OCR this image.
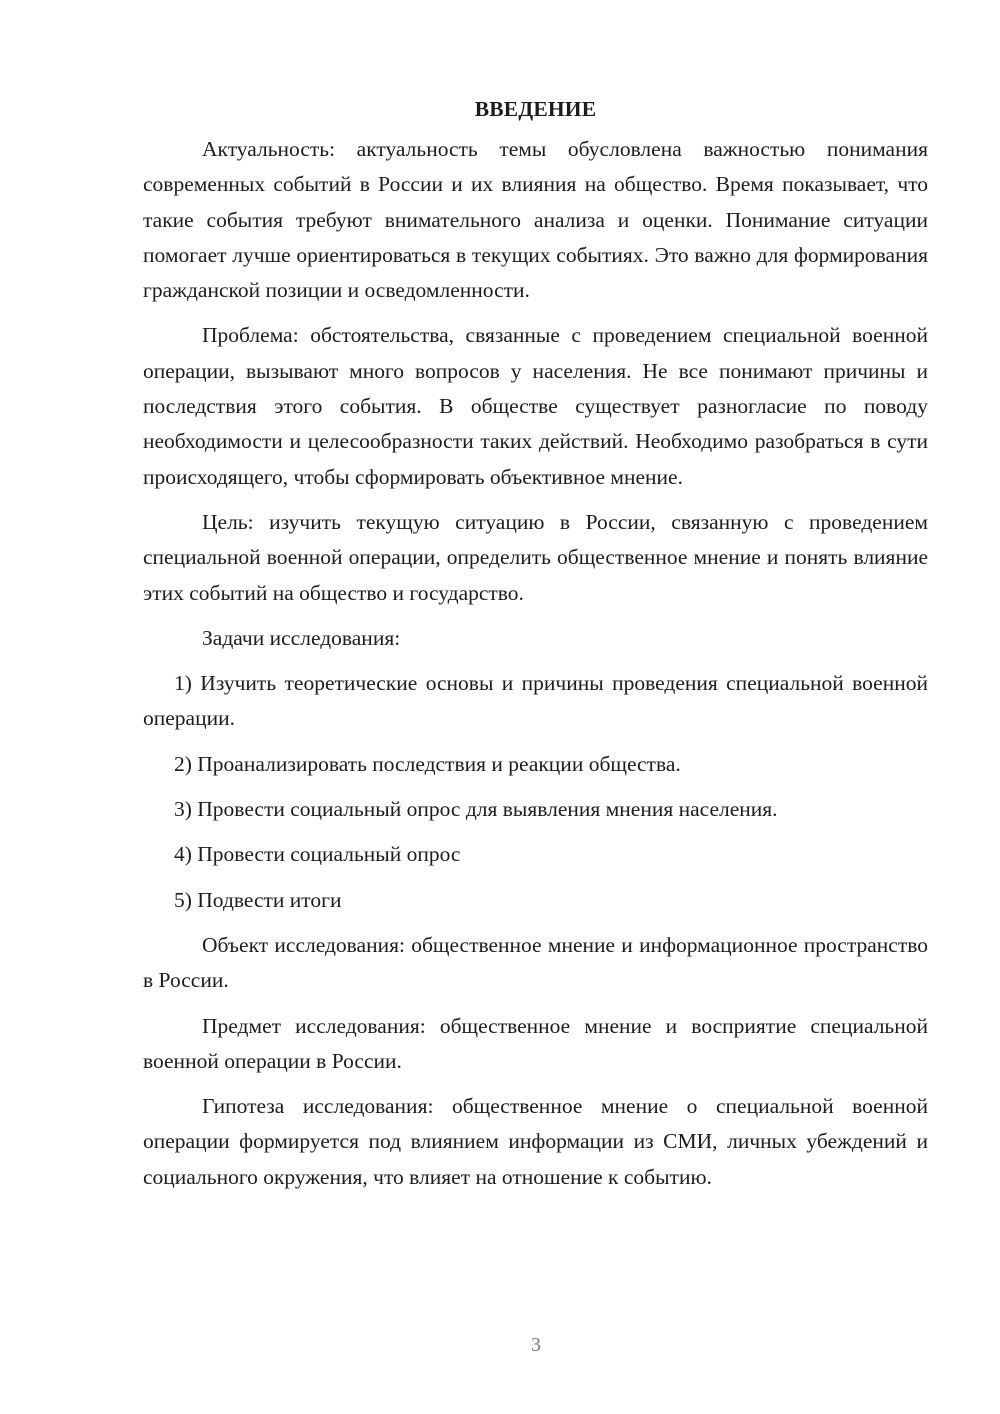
ВВЕДЕНИЕ

Актуальность: актуальность темы обусловлена важностью понимания современных событий в России и их влияния на общество. Время показывает, что такие события требуют внимательного анализа и оценки. Понимание ситуации помогает лучше ориентироваться в текущих событиях. Это важно для формирования гражданской позиции и осведомленности.

Проблема: обстоятельства, связанные с проведением специальной военной операции, вызывают много вопросов у населения. Не все понимают причины и последствия этого события. В обществе существует разногласие по поводу необходимости и целесообразности таких действий. Необходимо разобраться в сути происходящего, чтобы сформировать объективное мнение.

Цель: изучить текущую ситуацию в России, связанную с проведением специальной военной операции, определить общественное мнение и понять влияние этих событий на общество и государство.

Задачи исследования:

1) Изучить теоретические основы и причины проведения специальной военной операции.

2) Проанализировать последствия и реакции общества.

3) Провести социальный опрос для выявления мнения населения.

4) Провести социальный опрос

5) Подвести итоги

Объект исследования: общественное мнение и информационное пространство в России.

Предмет исследования: общественное мнение и восприятие специальной военной операции в России.

Гипотеза исследования: общественное мнение о специальной военной операции формируется под влиянием информации из СМИ, личных убеждений и социального окружения, что влияет на отношение к событию.

3
